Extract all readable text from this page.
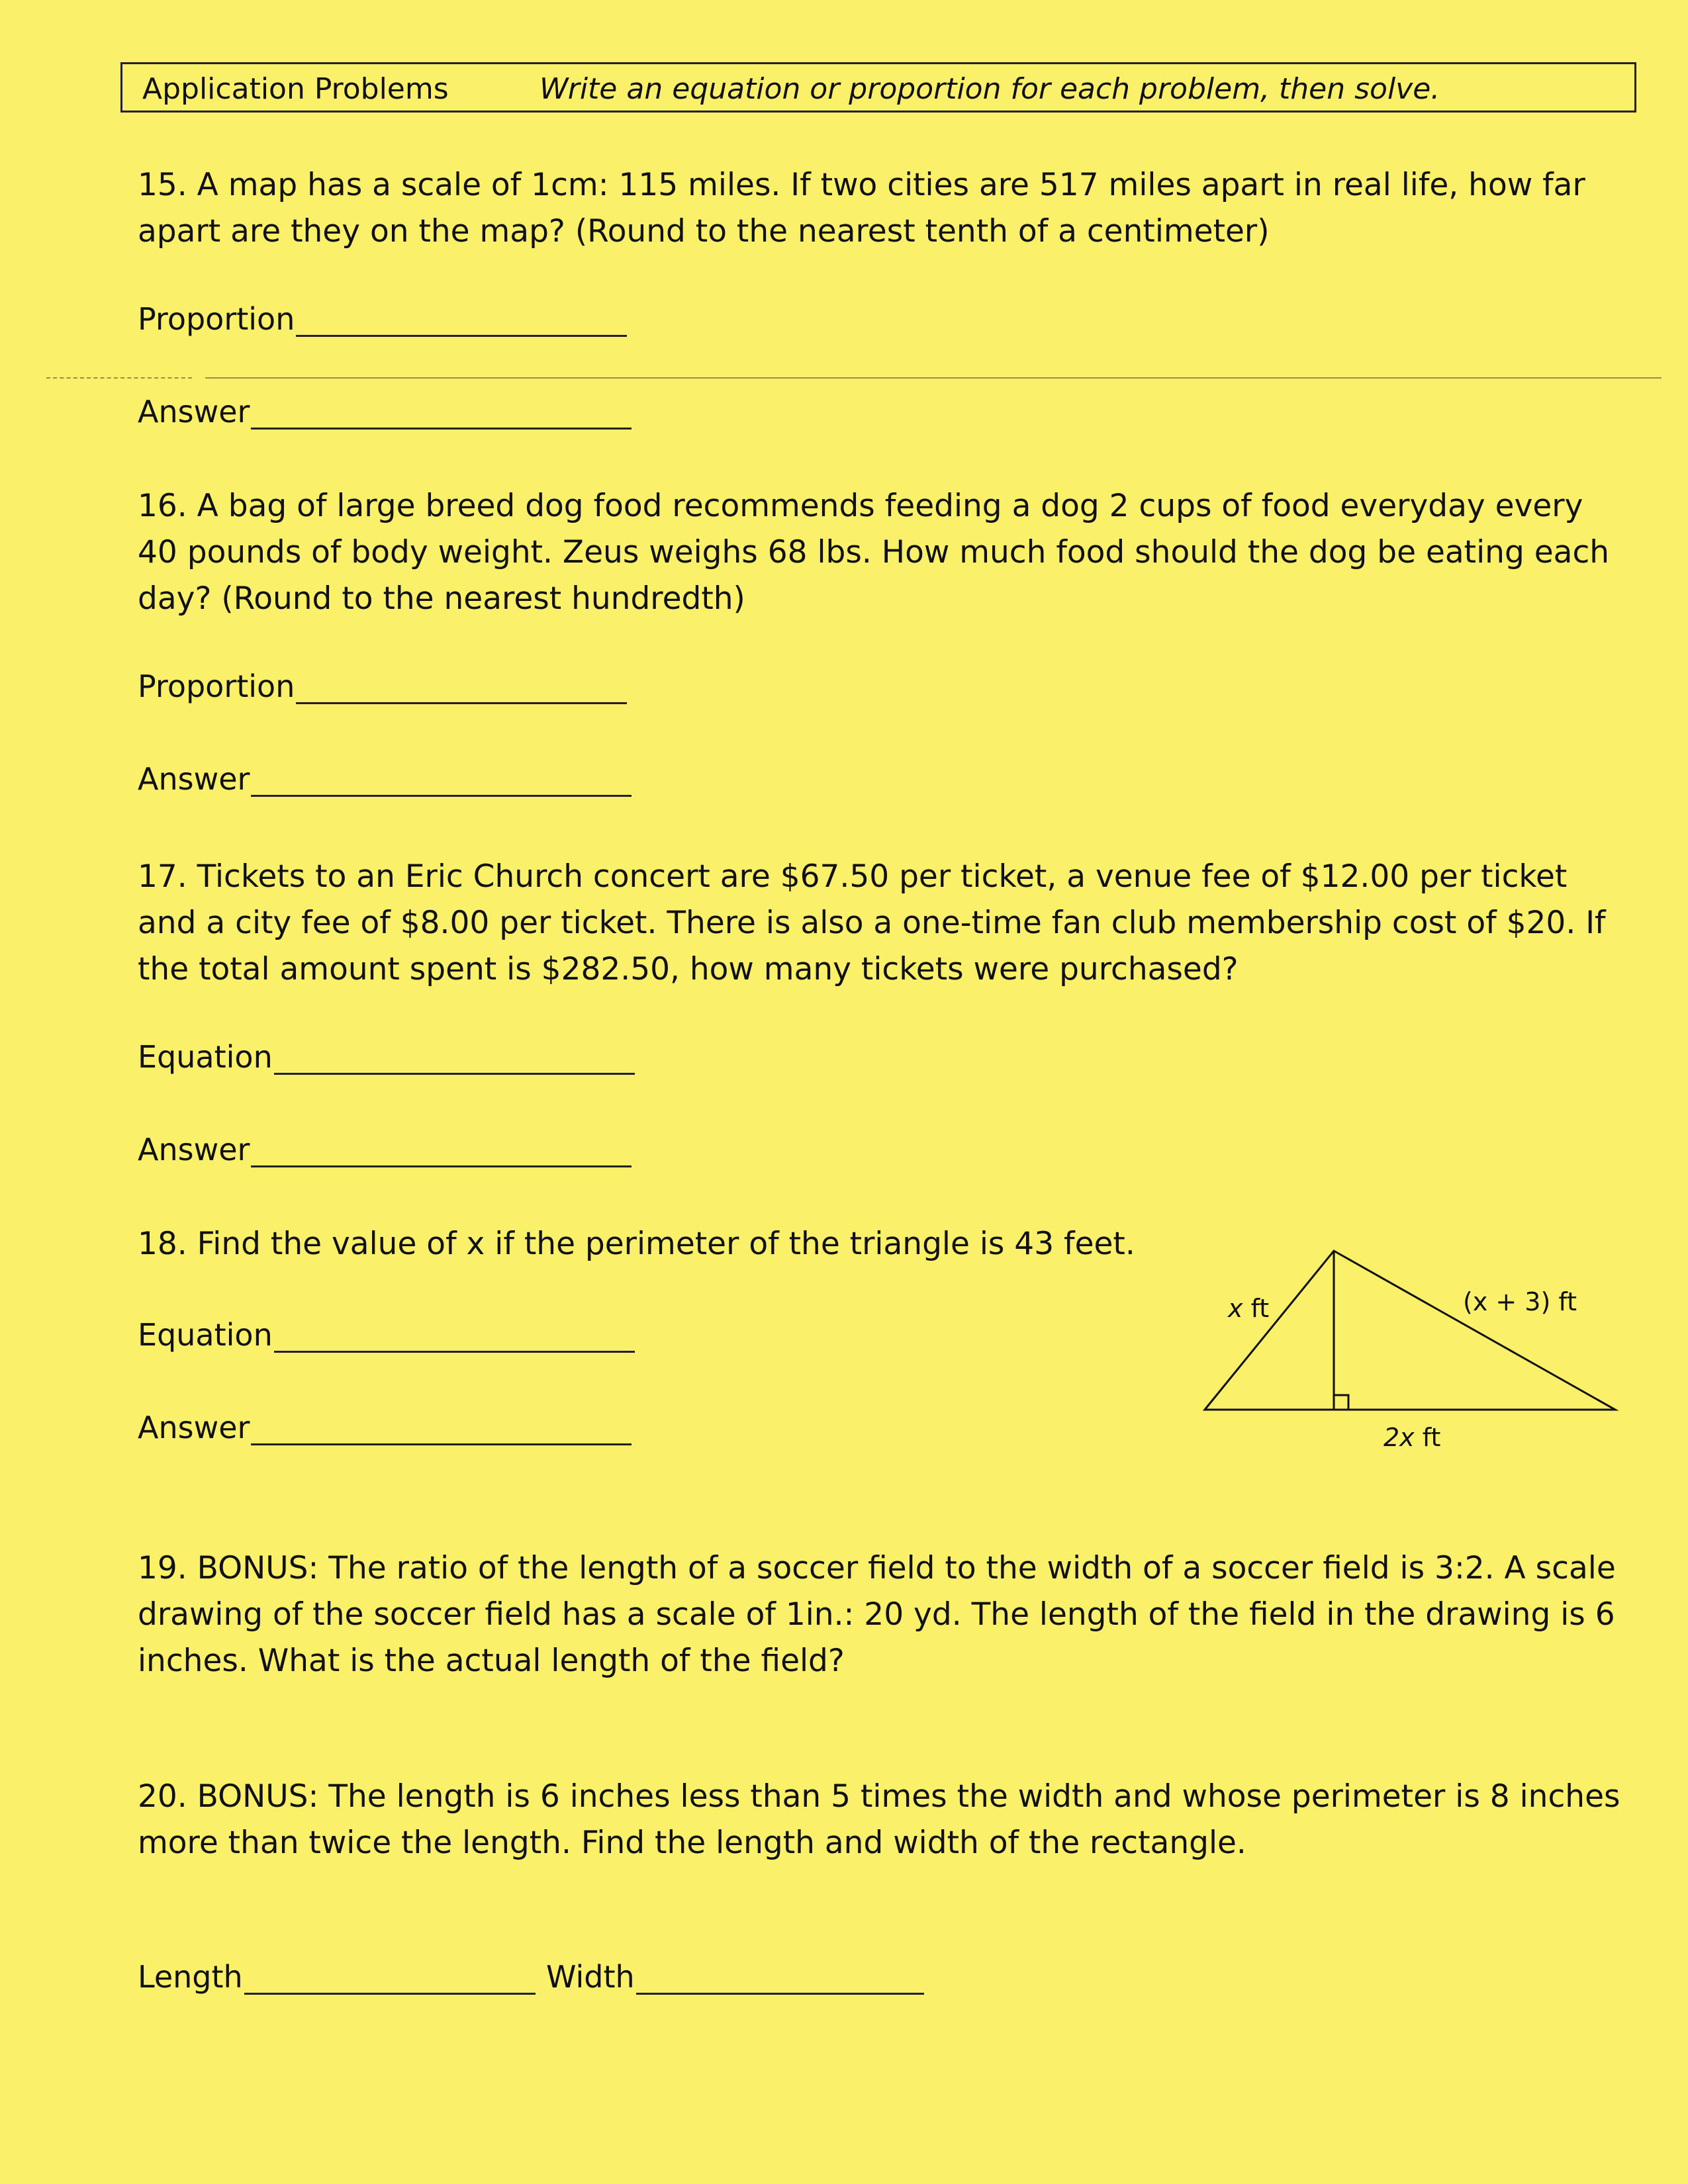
Application Problems	Write an equation or proportion for each problem, then solve.
15. A map has a scale of 1cm: 115 miles. If two cities are 517 miles apart in real life, how far apart are they on the map? (Round to the nearest tenth of a centimeter)
Proportion
Answer
16. A bag of large breed dog food recommends feeding a dog 2 cups of food everyday every 40 pounds of body weight. Zeus weighs 68 lbs. How much food should the dog be eating each day? (Round to the nearest hundredth)
Proportion
Answer
17. Tickets to an Eric Church concert are $67.50 per ticket, a venue fee of $12.00 per ticket and a city fee of $8.00 per ticket. There is also a one-time fan club membership cost of $20. If the total amount spent is $282.50, how many tickets were purchased?
Equation
Answer
18. Find the value of x if the perimeter of the triangle is 43 feet.
Equation
Answer
x ft	(x + 3) ft
2x ft
19. BONUS: The ratio of the length of a soccer field to the width of a soccer field is 3:2. A scale drawing of the soccer field has a scale of 1in.: 20 yd. The length of the field in the drawing is 6 inches. What is the actual length of the field?
20. BONUS: The length is 6 inches less than 5 times the width and whose perimeter is 8 inches more than twice the length. Find the length and width of the rectangle.
Length	Width
